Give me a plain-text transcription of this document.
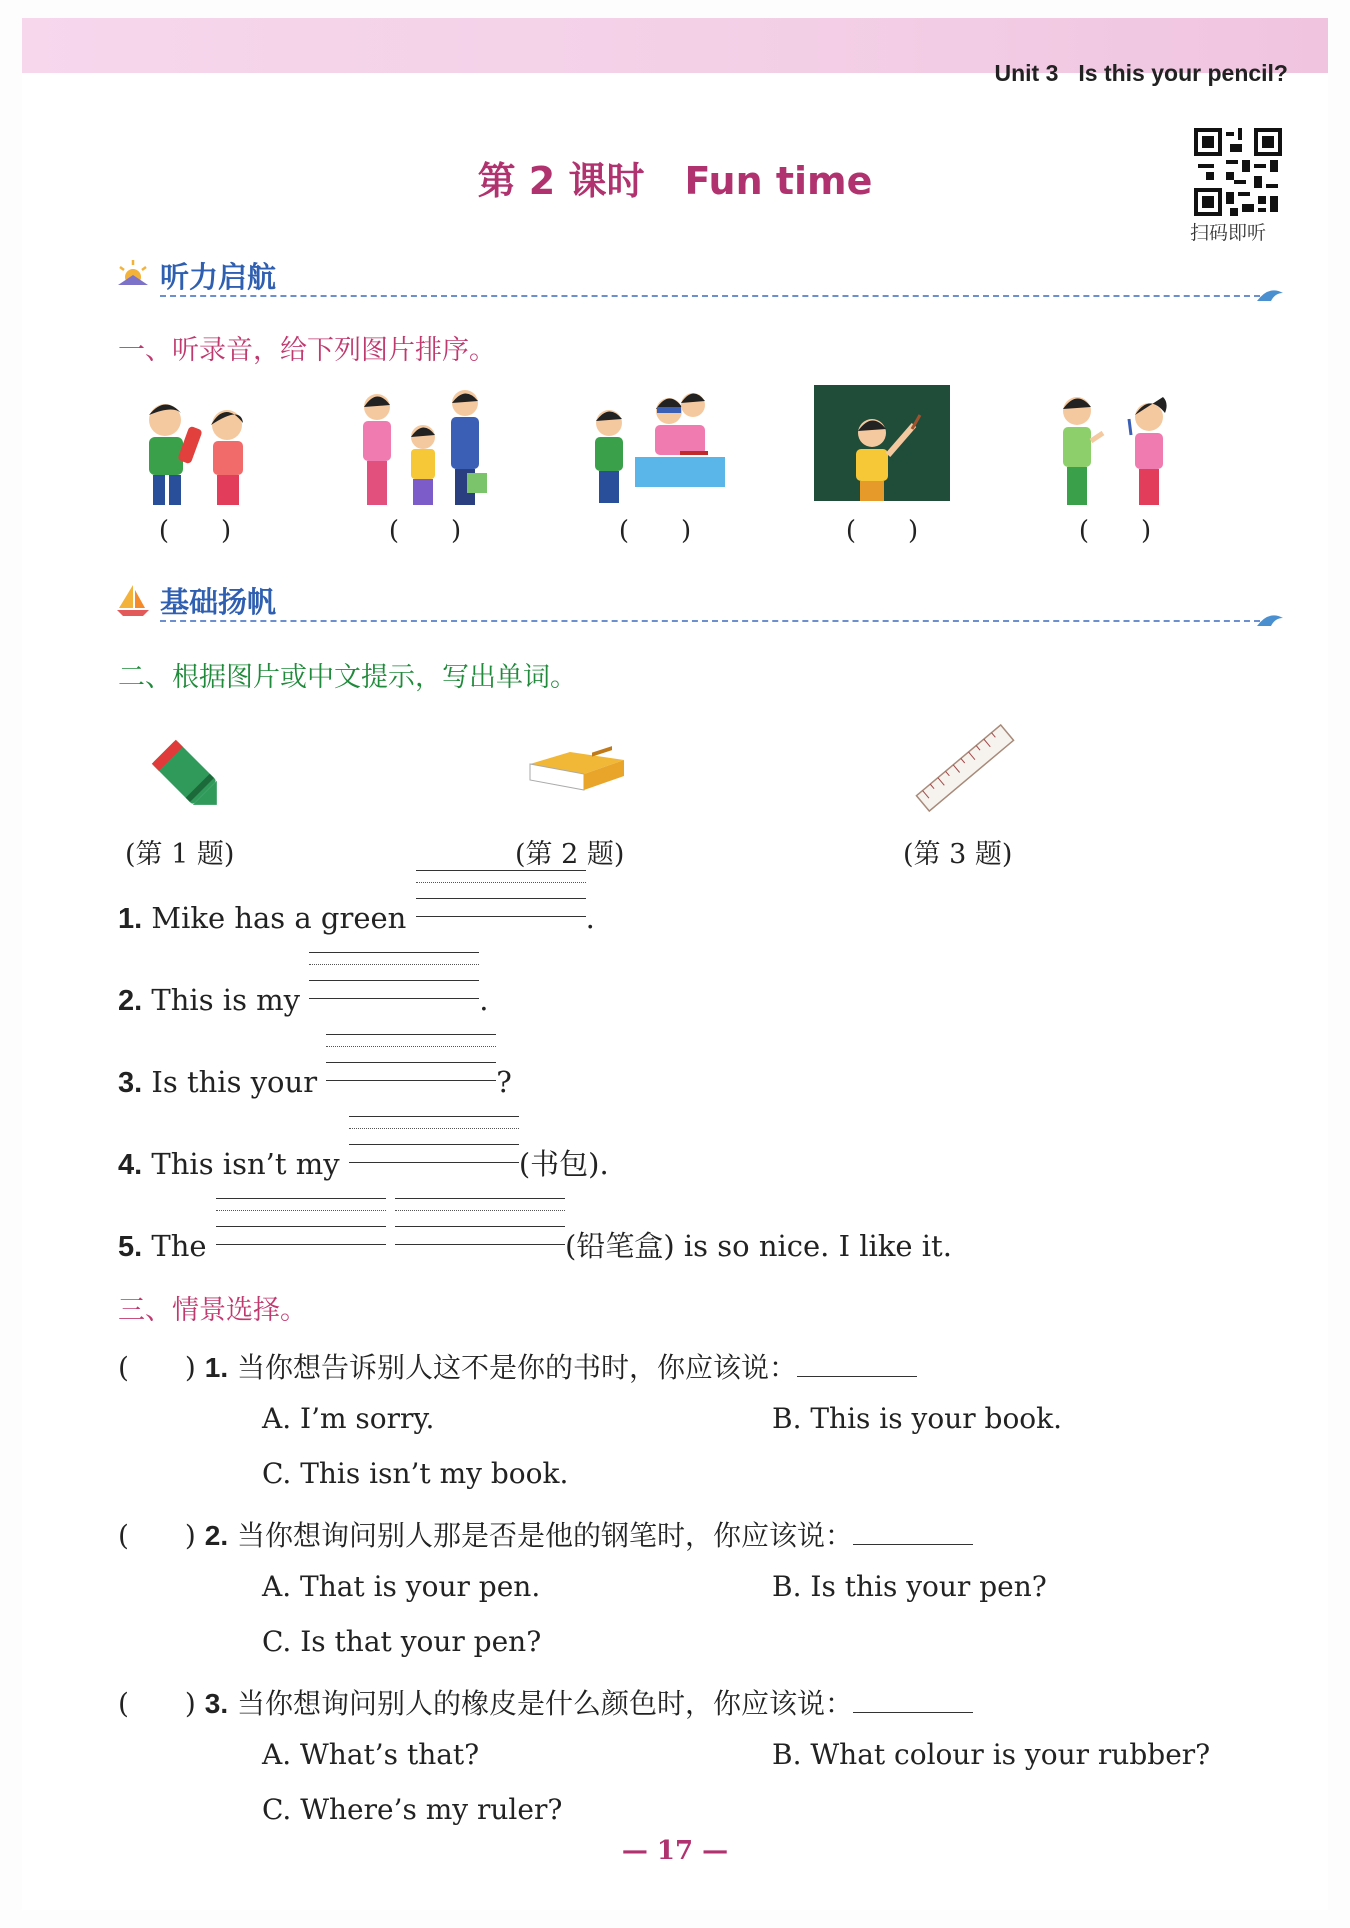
Unit 3 Is this your pencil?
第 2 课时 Fun time
扫码即听
听力启航
一、听录音，给下列图片排序。
(　　)	(　　)	(　　)	(　　)	(　　)
基础扬帆
二、根据图片或中文提示，写出单词。
(第 1 题)	(第 2 题)	(第 3 题)
1. Mike has a green	.
2. This is my	.
3. Is this your	?
4. This isn’t my	(书包).
5. The
	(铅笔盒) is so nice. I like it.
三、情景选择。
(　　) 1. 当你想告诉别人这不是你的书时，你应该说：
A. I’m sorry.	B. This is your book.
C. This isn’t my book.
(　　) 2. 当你想询问别人那是否是他的钢笔时，你应该说：
A. That is your pen.	B. Is this your pen?
C. Is that your pen?
(　　) 3. 当你想询问别人的橡皮是什么颜色时，你应该说：
A. What’s that?	B. What colour is your rubber?
C. Where’s my ruler?
— 17 —
